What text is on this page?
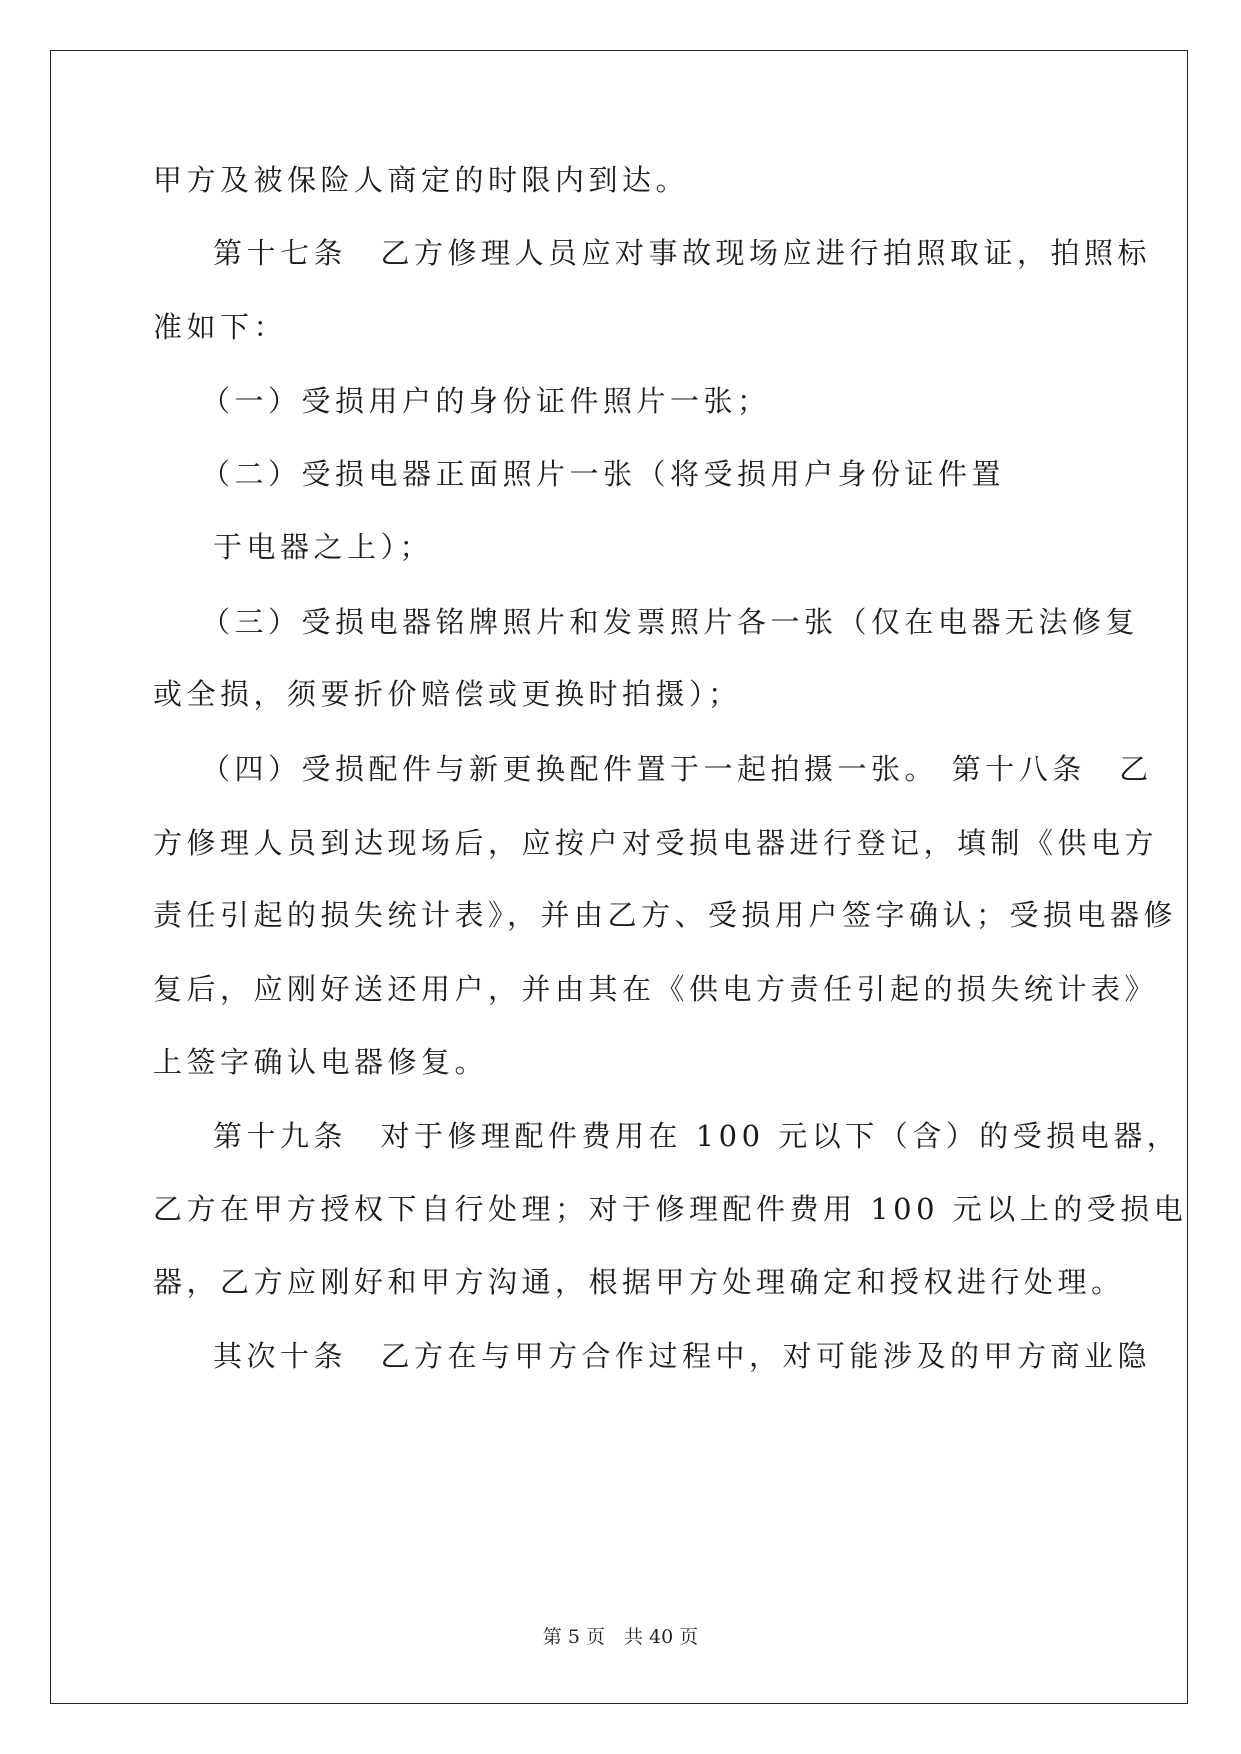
甲方及被保险人商定的时限内到达。
第十七条　乙方修理人员应对事故现场应进行拍照取证，拍照标
准如下：
（一）受损用户的身份证件照片一张；
（二）受损电器正面照片一张（将受损用户身份证件置
于电器之上）；
（三）受损电器铭牌照片和发票照片各一张（仅在电器无法修复
或全损，须要折价赔偿或更换时拍摄）；
（四）受损配件与新更换配件置于一起拍摄一张。 第十八条　乙
方修理人员到达现场后，应按户对受损电器进行登记，填制《供电方
责任引起的损失统计表》，并由乙方、受损用户签字确认；受损电器修
复后，应刚好送还用户，并由其在《供电方责任引起的损失统计表》
上签字确认电器修复。
第十九条　对于修理配件费用在 100 元以下（含）的受损电器，
乙方在甲方授权下自行处理；对于修理配件费用 100 元以上的受损电
器，乙方应刚好和甲方沟通，根据甲方处理确定和授权进行处理。
其次十条　乙方在与甲方合作过程中，对可能涉及的甲方商业隐
第 5 页　共 40 页
